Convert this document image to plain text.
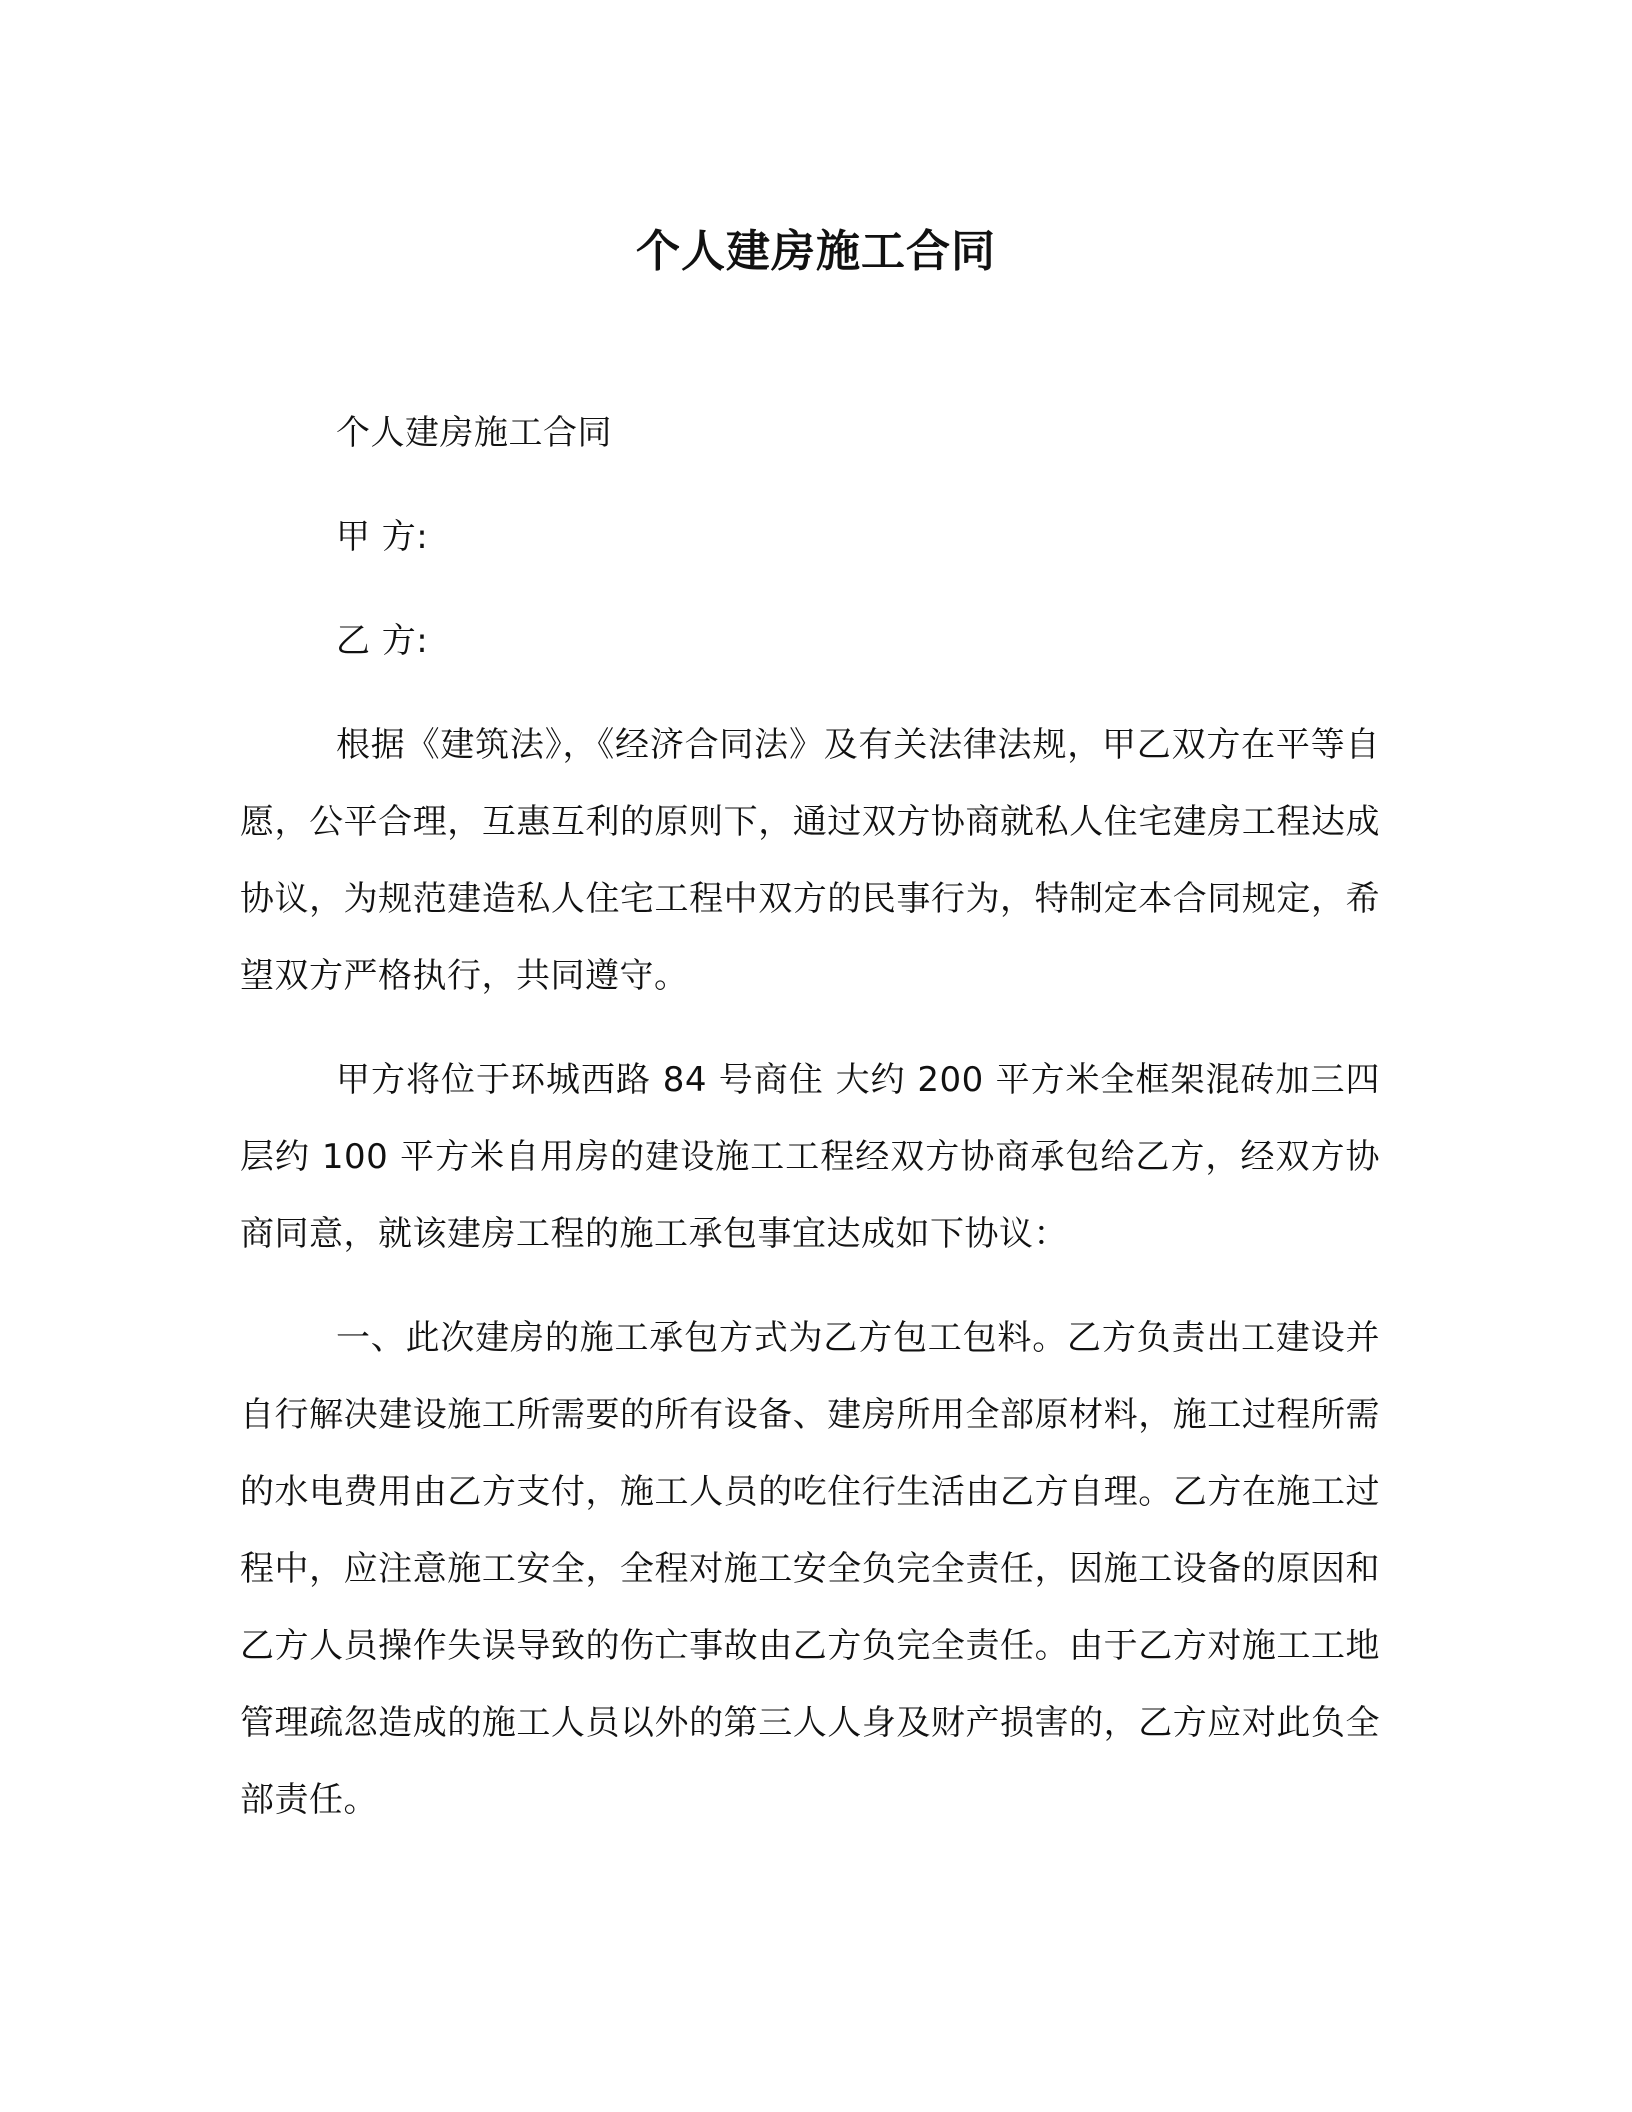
个人建房施工合同

个人建房施工合同

甲 方:

乙 方:

根据《建筑法》，《经济合同法》及有关法律法规，甲乙双方在平等自愿，公平合理，互惠互利的原则下，通过双方协商就私人住宅建房工程达成协议，为规范建造私人住宅工程中双方的民事行为，特制定本合同规定，希望双方严格执行，共同遵守。

甲方将位于环城西路 84 号商住 大约 200 平方米全框架混砖加三四层约 100 平方米自用房的建设施工工程经双方协商承包给乙方，经双方协商同意，就该建房工程的施工承包事宜达成如下协议：

一、此次建房的施工承包方式为乙方包工包料。乙方负责出工建设并自行解决建设施工所需要的所有设备、建房所用全部原材料，施工过程所需的水电费用由乙方支付，施工人员的吃住行生活由乙方自理。乙方在施工过程中，应注意施工安全，全程对施工安全负完全责任，因施工设备的原因和乙方人员操作失误导致的伤亡事故由乙方负完全责任。由于乙方对施工工地管理疏忽造成的施工人员以外的第三人人身及财产损害的，乙方应对此负全部责任。
